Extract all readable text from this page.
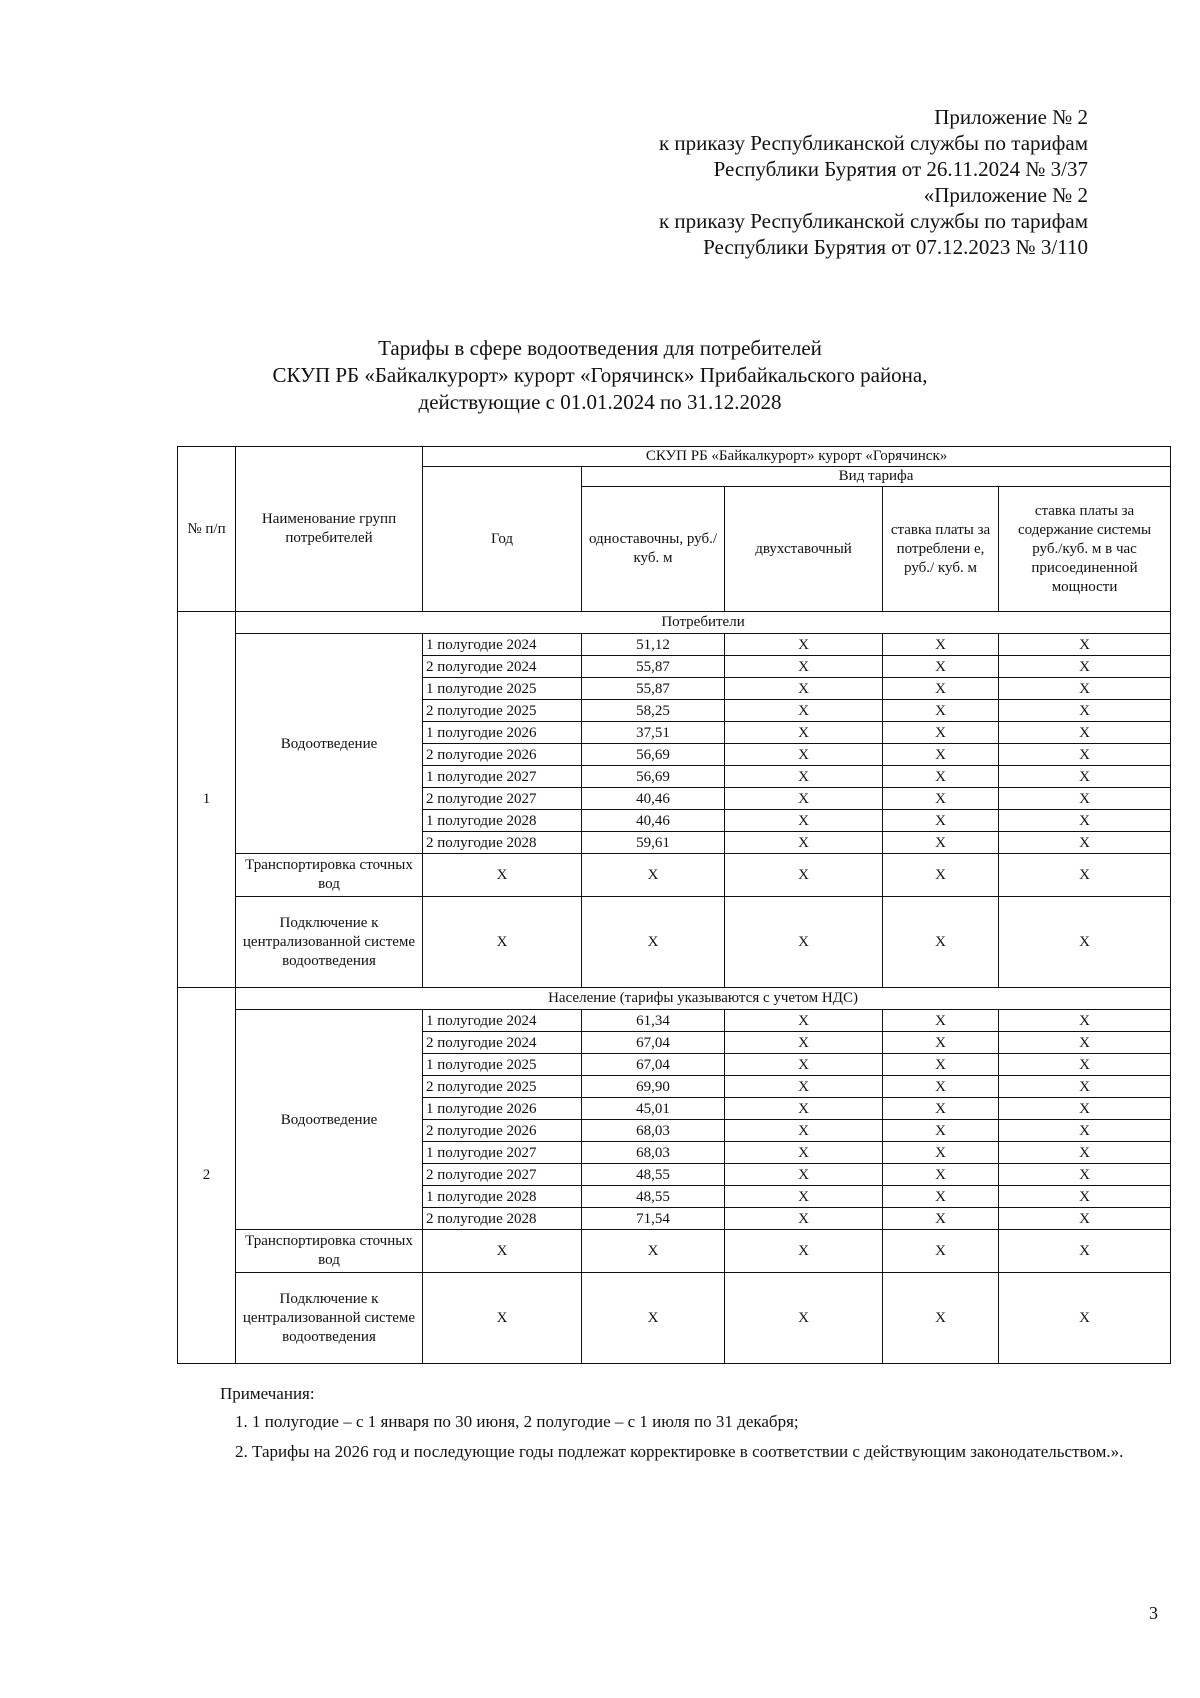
Приложение № 2
к приказу Республиканской службы по тарифам
Республики Бурятия от 26.11.2024 № 3/37
«Приложение № 2
к приказу Республиканской службы по тарифам
Республики Бурятия от 07.12.2023 № 3/110
Тарифы в сфере водоотведения для потребителей
СКУП РБ «Байкалкурорт» курорт «Горячинск» Прибайкальского района,
действующие с 01.01.2024 по 31.12.2028
№ п/п	Наименование групп потребителей	СКУП РБ «Байкалкурорт» курорт «Горячинск»				
		Год	Вид тарифа			
			одноставочны, руб./ куб. м	двухставочный	ставка платы за потреблени е, руб./ куб. м	ставка платы за содержание системы руб./куб. м в час присоединенной мощности
1	Потребители					
	Водоотведение	1 полугодие 2024	51,12	X	X	X
		2 полугодие 2024	55,87	X	X	X
		1 полугодие 2025	55,87	X	X	X
		2 полугодие 2025	58,25	X	X	X
		1 полугодие 2026	37,51	X	X	X
		2 полугодие 2026	56,69	X	X	X
		1 полугодие 2027	56,69	X	X	X
		2 полугодие 2027	40,46	X	X	X
		1 полугодие 2028	40,46	X	X	X
		2 полугодие 2028	59,61	X	X	X
	Транспортировка сточных вод	X	X	X	X	X
	Подключение к централизованной системе водоотведения	X	X	X	X	X
2	Население (тарифы указываются с учетом НДС)					
	Водоотведение	1 полугодие 2024	61,34	X	X	X
		2 полугодие 2024	67,04	X	X	X
		1 полугодие 2025	67,04	X	X	X
		2 полугодие 2025	69,90	X	X	X
		1 полугодие 2026	45,01	X	X	X
		2 полугодие 2026	68,03	X	X	X
		1 полугодие 2027	68,03	X	X	X
		2 полугодие 2027	48,55	X	X	X
		1 полугодие 2028	48,55	X	X	X
		2 полугодие 2028	71,54	X	X	X
	Транспортировка сточных вод	X	X	X	X	X
	Подключение к централизованной системе водоотведения	X	X	X	X	X
Примечания:
1. 1 полугодие – с 1 января по 30 июня, 2 полугодие – с 1 июля по 31 декабря;
2. Тарифы на 2026 год и последующие годы подлежат корректировке в соответствии с действующим законодательством.».
3
